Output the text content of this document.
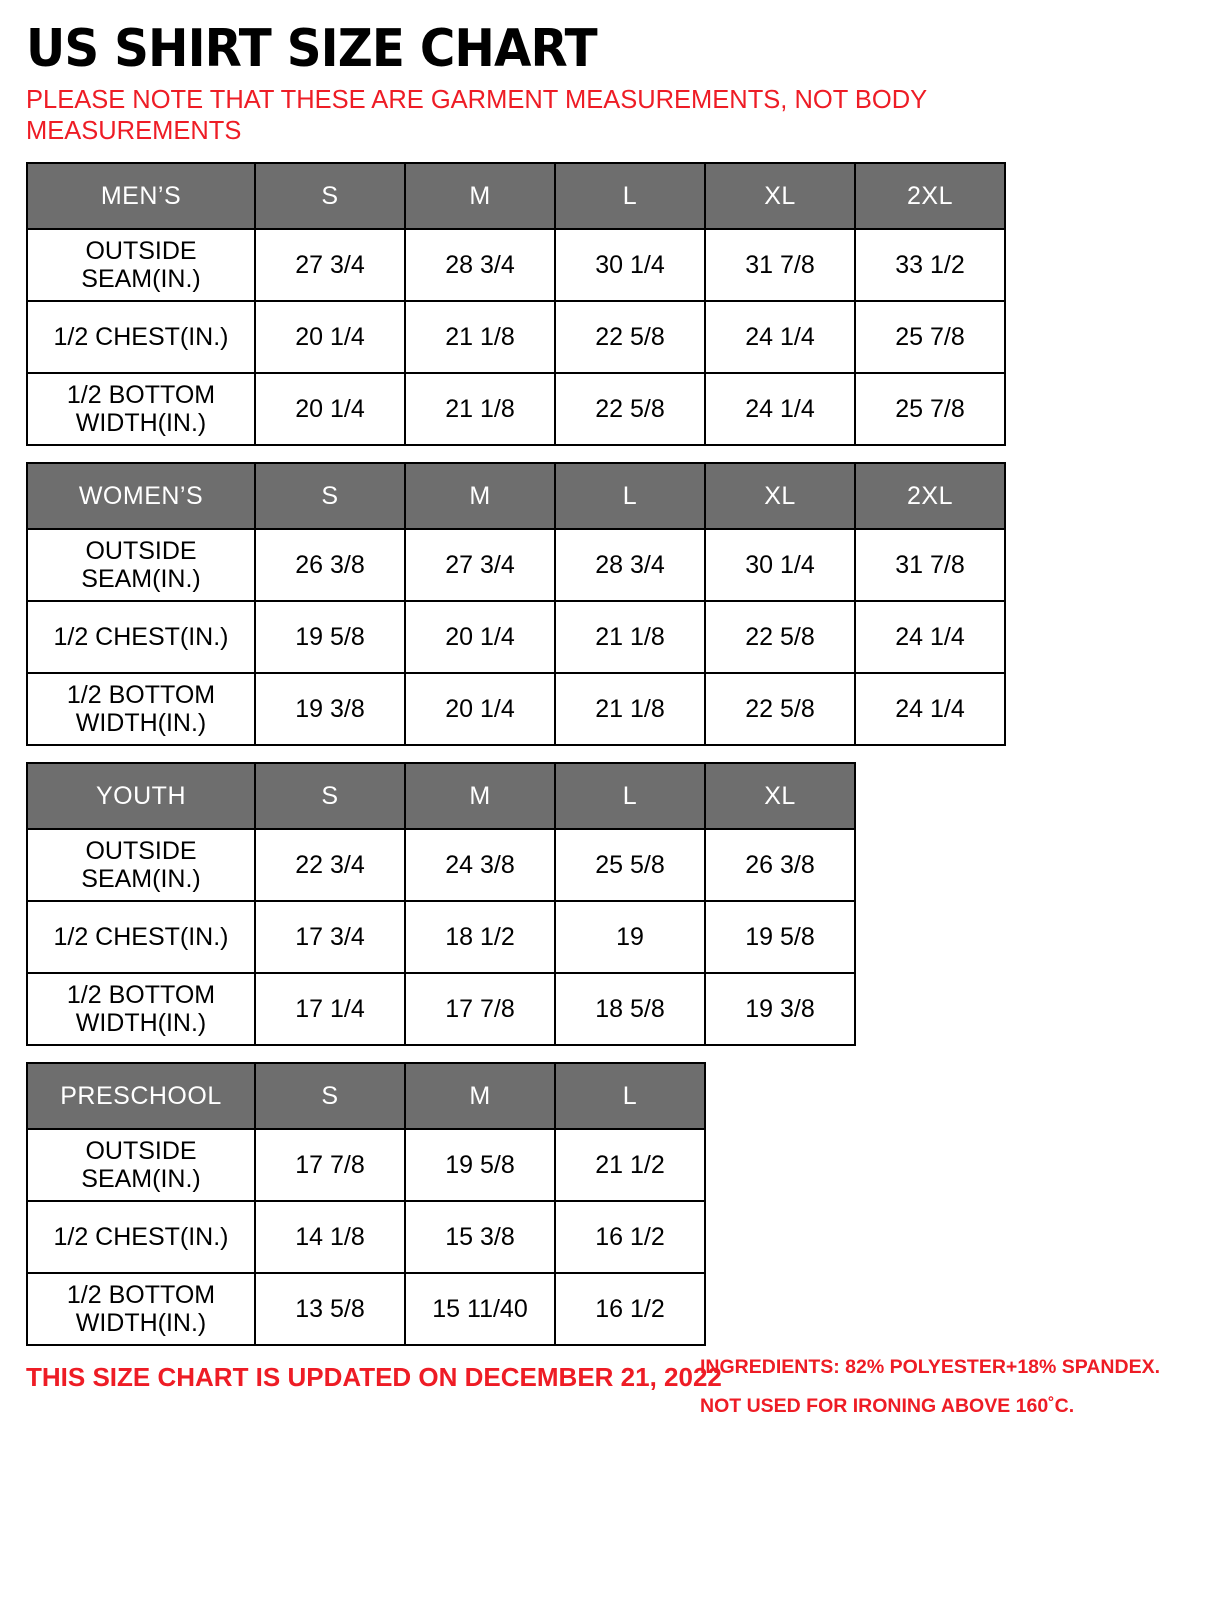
US SHIRT SIZE CHART

PLEASE NOTE THAT THESE ARE GARMENT MEASUREMENTS, NOT BODY MEASUREMENTS

MEN’S	S	M	L	XL	2XL
OUTSIDE SEAM(IN.)	27 3/4	28 3/4	30 1/4	31 7/8	33 1/2
1/2 CHEST(IN.)	20 1/4	21 1/8	22 5/8	24 1/4	25 7/8
1/2 BOTTOM WIDTH(IN.)	20 1/4	21 1/8	22 5/8	24 1/4	25 7/8
WOMEN’S	S	M	L	XL	2XL
OUTSIDE SEAM(IN.)	26 3/8	27 3/4	28 3/4	30 1/4	31 7/8
1/2 CHEST(IN.)	19 5/8	20 1/4	21 1/8	22 5/8	24 1/4
1/2 BOTTOM WIDTH(IN.)	19 3/8	20 1/4	21 1/8	22 5/8	24 1/4
YOUTH	S	M	L	XL
OUTSIDE SEAM(IN.)	22 3/4	24 3/8	25 5/8	26 3/8
1/2 CHEST(IN.)	17 3/4	18 1/2	19	19 5/8
1/2 BOTTOM WIDTH(IN.)	17 1/4	17 7/8	18 5/8	19 3/8
PRESCHOOL	S	M	L
OUTSIDE SEAM(IN.)	17 7/8	19 5/8	21 1/2
1/2 CHEST(IN.)	14 1/8	15 3/8	16 1/2
1/2 BOTTOM WIDTH(IN.)	13 5/8	15 11/40	16 1/2
INGREDIENTS: 82% POLYESTER+18% SPANDEX.
NOT USED FOR IRONING ABOVE 160˚C.
THIS SIZE CHART IS UPDATED ON DECEMBER 21, 2022
